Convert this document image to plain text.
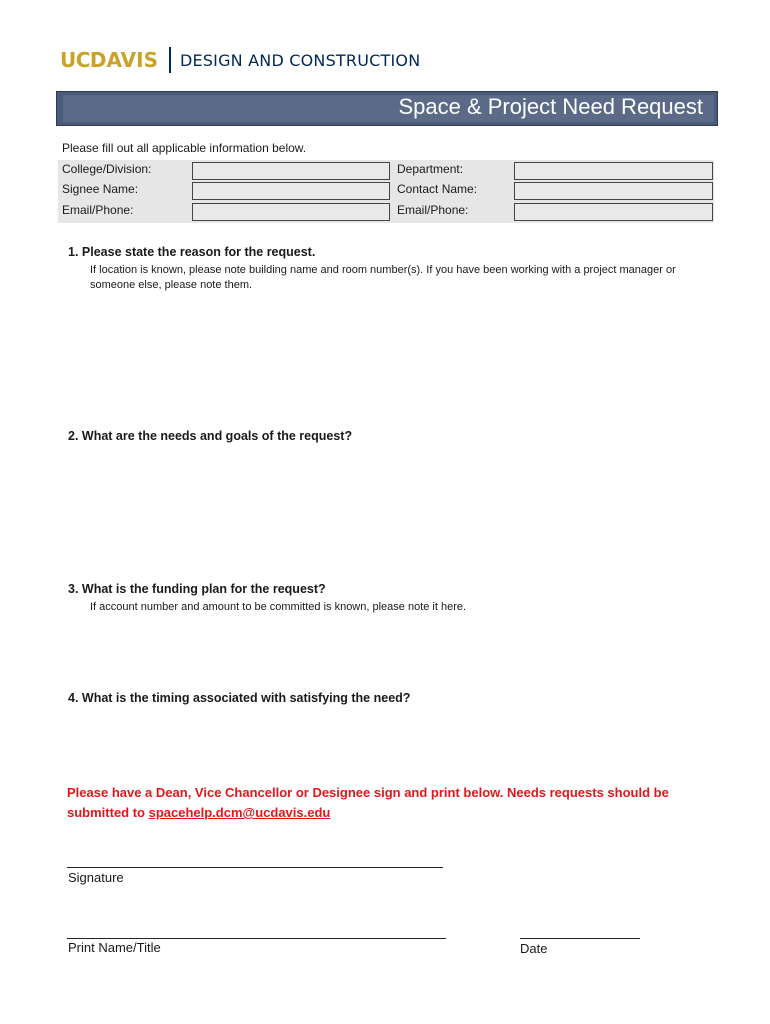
UC DAVIS DESIGN AND CONSTRUCTION
Space & Project Need Request
Please fill out all applicable information below.
College/Division:
Signee Name:
Email/Phone:
Department:
Contact Name:
Email/Phone:
1. Please state the reason for the request.
If location is known, please note building name and room number(s). If you have been working with a project manager or someone else, please note them.
2. What are the needs and goals of the request?
3. What is the funding plan for the request?
If account number and amount to be committed is known, please note it here.
4. What is the timing associated with satisfying the need?
Please have a Dean, Vice Chancellor or Designee sign and print below. Needs requests should be submitted to spacehelp.dcm@ucdavis.edu
Signature
Print Name/Title	Date
